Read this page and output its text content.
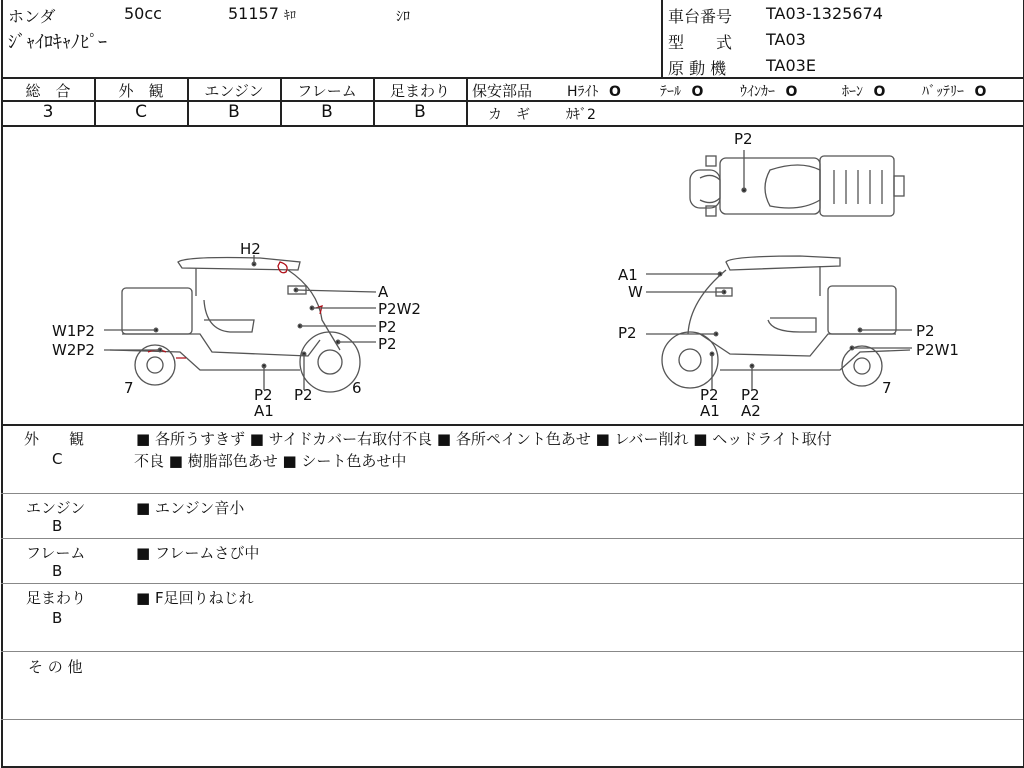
ホンダ	50cc	51157 ｷﾛ	ｼﾛ
ｼﾞｬｲﾛｷｬﾉﾋﾟｰ
車台番号 TA03-1325674
型　　式 TA03
原 動 機 TA03E
総　合	外　観	エンジン	フレーム	足まわり
3	C	B	B	B
保安部品 Hﾗｲﾄ O	ﾃｰﾙ O	ｳｲﾝｶｰ O	ﾎｰﾝ O	ﾊﾞｯﾃﾘｰ O
カ　ギ	ｶｷﾞ2
P2
H2
A
P2W2
P2
P2
W1P2
W2P2
7	P2
A1
P2	6
A1
W
P2	P2
P2W1
P2
A1
P2
A2
7
外　　観
C
■ 各所うすきず ■ サイドカバー右取付不良 ■ 各所ペイント色あせ ■ レバー削れ ■ ヘッドライト取付
不良 ■ 樹脂部色あせ ■ シート色あせ中
エンジン
B
■ エンジン音小
フレーム
B
■ フレームさび中
足まわり
B
■ F足回りねじれ
そ の 他
